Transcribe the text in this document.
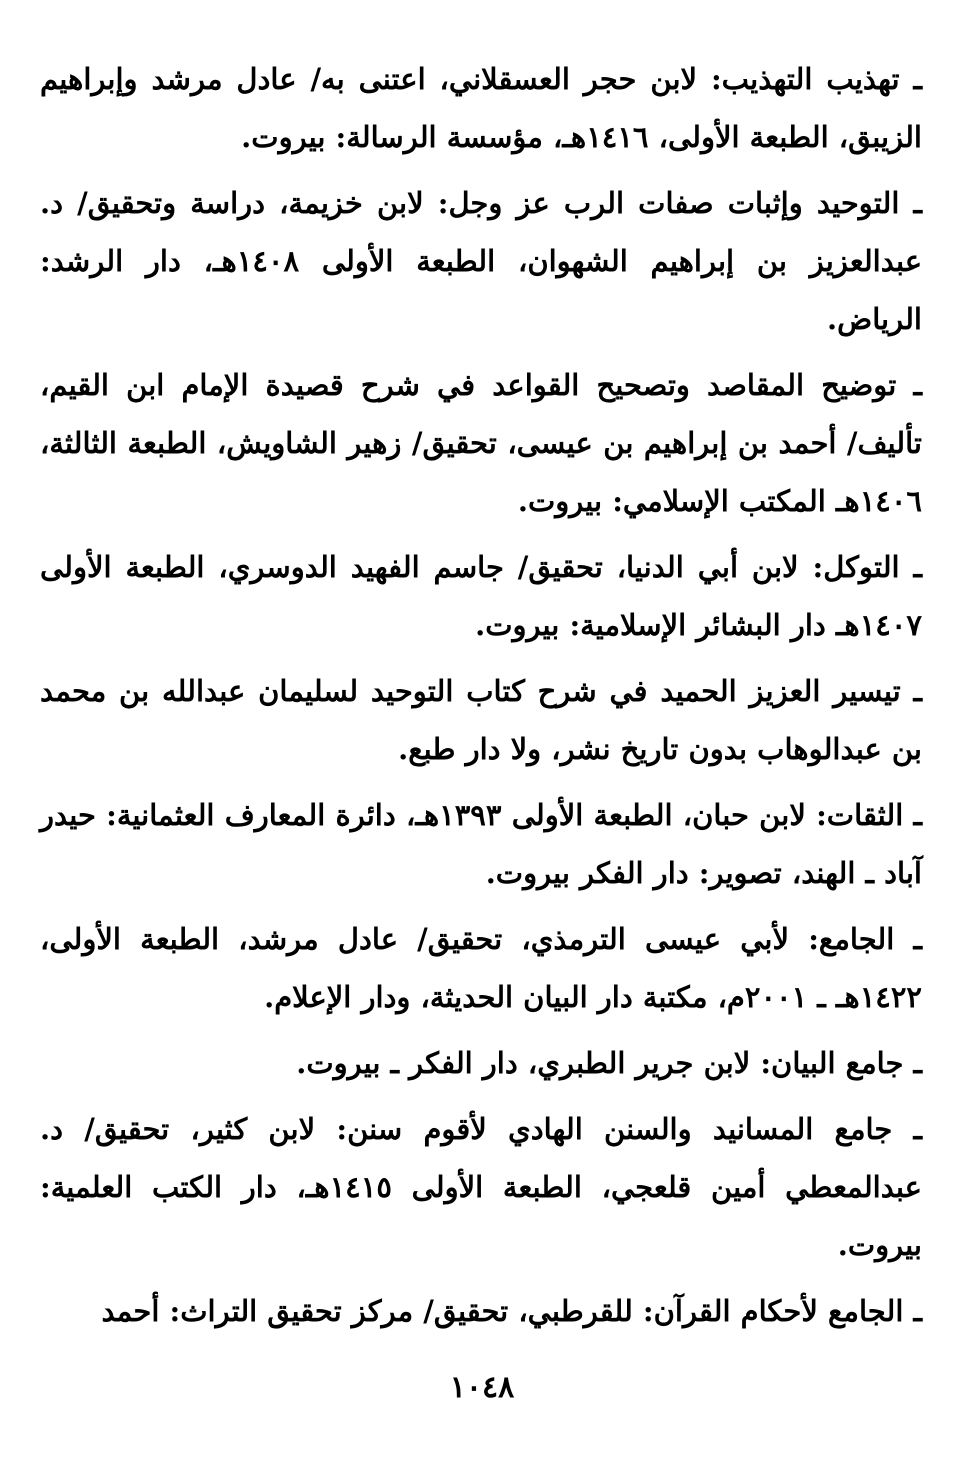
ـ تهذيب التهذيب: لابن حجر العسقلاني، اعتنى به/ عادل مرشد وإبراهيم الزيبق، الطبعة الأولى، ١٤١٦هـ، مؤسسة الرسالة: بيروت.

ـ التوحيد وإثبات صفات الرب عز وجل: لابن خزيمة، دراسة وتحقيق/ د. عبدالعزيز بن إبراهيم الشهوان، الطبعة الأولى ١٤٠٨هـ، دار الرشد: الرياض.

ـ توضيح المقاصد وتصحيح القواعد في شرح قصيدة الإمام ابن القيم، تأليف/ أحمد بن إبراهيم بن عيسى، تحقيق/ زهير الشاويش، الطبعة الثالثة، ١٤٠٦هـ المكتب الإسلامي: بيروت.

ـ التوكل: لابن أبي الدنيا، تحقيق/ جاسم الفهيد الدوسري، الطبعة الأولى ١٤٠٧هـ دار البشائر الإسلامية: بيروت.

ـ تيسير العزيز الحميد في شرح كتاب التوحيد لسليمان عبدالله بن محمد بن عبدالوهاب بدون تاريخ نشر، ولا دار طبع.

ـ الثقات: لابن حبان، الطبعة الأولى ١٣٩٣هـ، دائرة المعارف العثمانية: حيدر آباد ـ الهند، تصوير: دار الفكر بيروت.

ـ الجامع: لأبي عيسى الترمذي، تحقيق/ عادل مرشد، الطبعة الأولى، ١٤٢٢هـ ـ ٢٠٠١م، مكتبة دار البيان الحديثة، ودار الإعلام.

ـ جامع البيان: لابن جرير الطبري، دار الفكر ـ بيروت.

ـ جامع المسانيد والسنن الهادي لأقوم سنن: لابن كثير، تحقيق/ د. عبدالمعطي أمين قلعجي، الطبعة الأولى ١٤١٥هـ، دار الكتب العلمية: بيروت.

ـ الجامع لأحكام القرآن: للقرطبي، تحقيق/ مركز تحقيق التراث: أحمد

١٠٤٨
